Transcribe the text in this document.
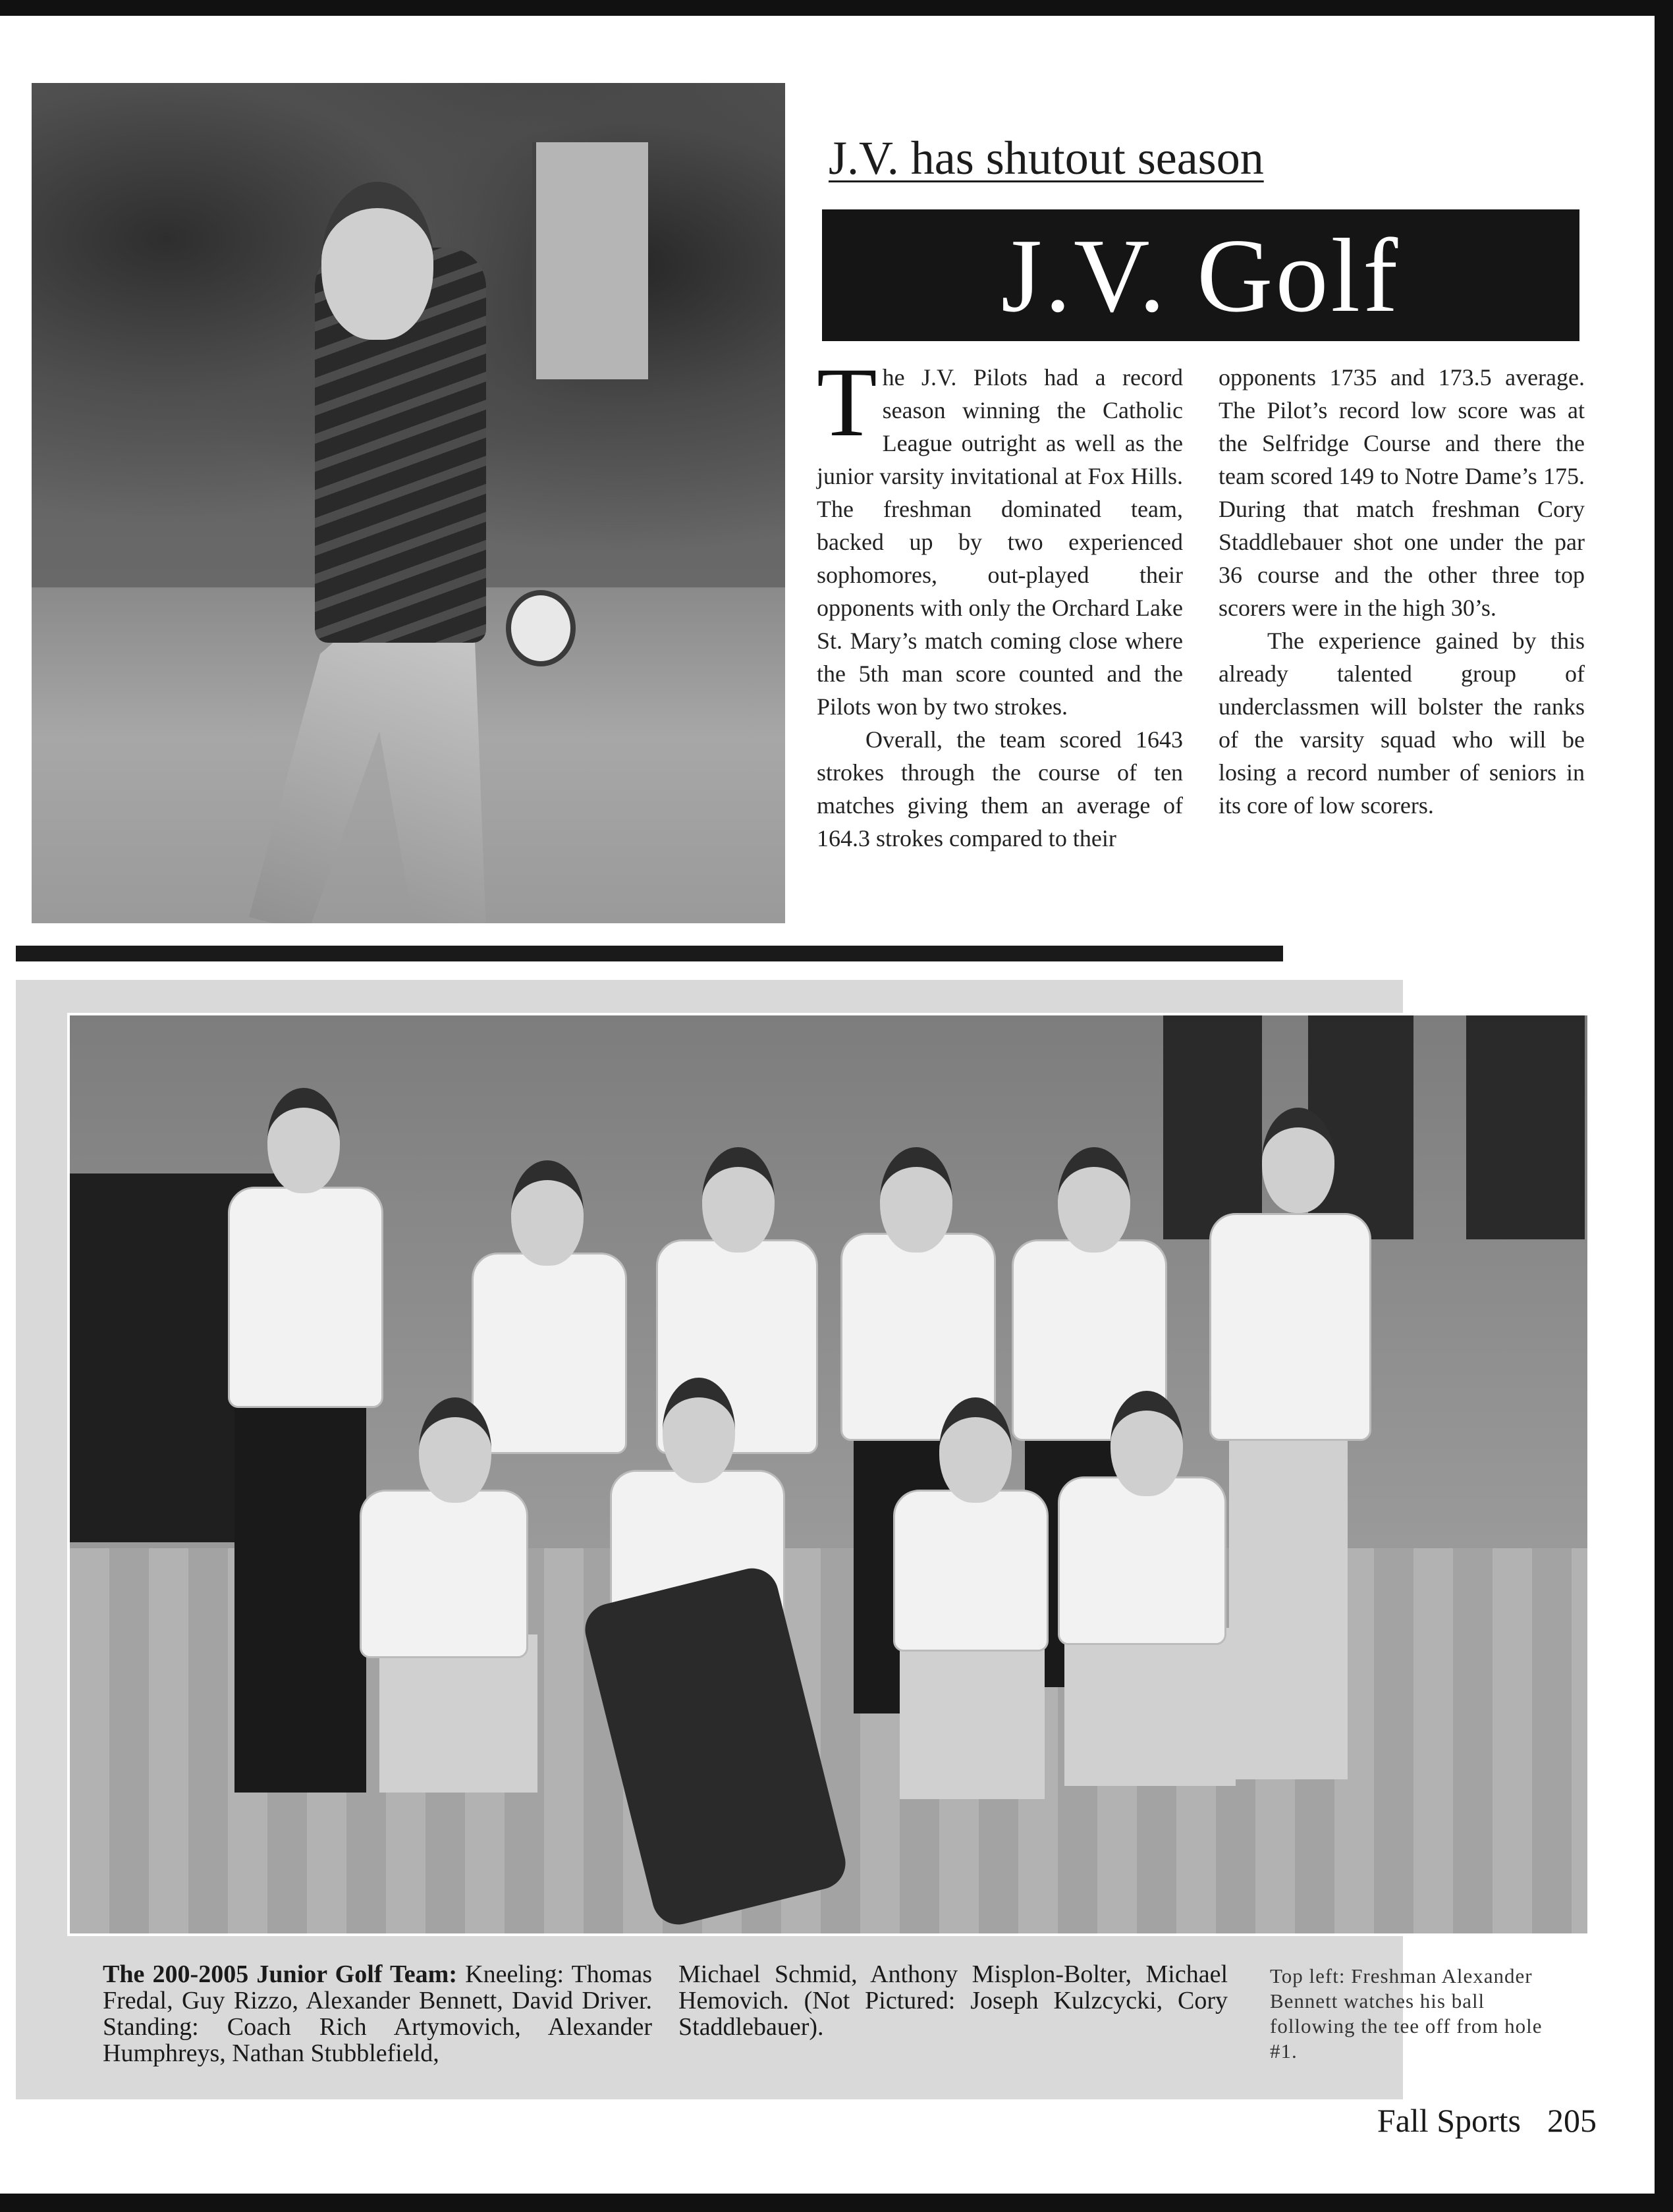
J.V. has shutout season
J.V. Golf

The J.V. Pilots had a record season winning the Catholic League outright as well as the junior varsity invitational at Fox Hills. The freshman dominated team, backed up by two experienced sophomores, out-played their opponents with only the Orchard Lake St. Mary’s match coming close where the 5th man score counted and the Pilots won by two strokes.

Overall, the team scored 1643 strokes through the course of ten matches giving them an average of 164.3 strokes compared to their

opponents 1735 and 173.5 average. The Pilot’s record low score was at the Selfridge Course and there the team scored 149 to Notre Dame’s 175. During that match freshman Cory Staddlebauer shot one under the par 36 course and the other three top scorers were in the high 30’s.

The experience gained by this already talented group of underclassmen will bolster the ranks of the varsity squad who will be losing a record number of seniors in its core of low scorers.

The 200-2005 Junior Golf Team: Kneeling: Thomas Fredal, Guy Rizzo, Alexander Bennett, David Driver. Standing: Coach Rich Artymovich, Alexander Humphreys, Nathan Stubblefield,
Michael Schmid, Anthony Misplon-Bolter, Michael Hemovich. (Not Pictured: Joseph Kulzcycki, Cory Staddlebauer).
Top left: Freshman Alexander Bennett watches his ball following the tee off from hole #1.
Fall Sports 205
